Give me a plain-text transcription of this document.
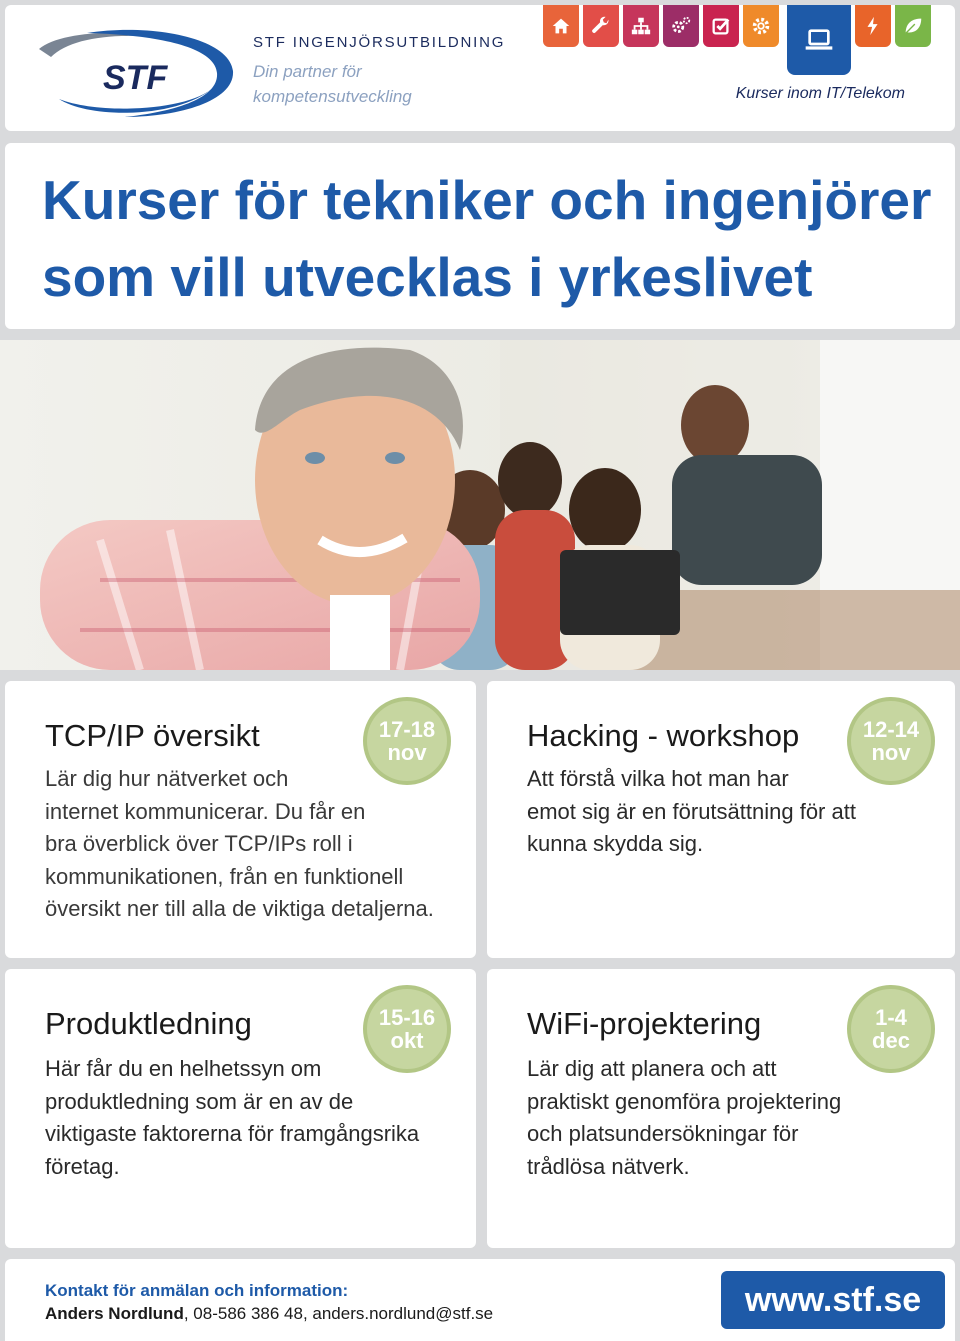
STF
STF INGENJÖRSUTBILDNING
Din partner för kompetensutveckling	Kurser inom IT/Telekom
Kurser för tekniker och ingenjörer
som vill utvecklas i yrkeslivet
TCP/IP översikt	17-18
nov

Lär dig hur nätverket och
internet kommunicerar. Du får en
bra överblick över TCP/IPs roll i
kommunikationen, från en funktionell
översikt ner till alla de viktiga detaljerna.

Hacking - workshop	12-14
nov

Att förstå vilka hot man har
emot sig är en förutsättning för att
kunna skydda sig.

Produktledning	15-16
okt

Här får du en helhetssyn om
produktledning som är en av de
viktigaste faktorerna för framgångsrika
företag.

WiFi-projektering	1-4
dec

Lär dig att planera och att
praktiskt genomföra projektering
och platsundersökningar för
trådlösa nätverk.

Kontakt för anmälan och information:
Anders Nordlund, 08-586 386 48, anders.nordlund@stf.se	www.stf.se
